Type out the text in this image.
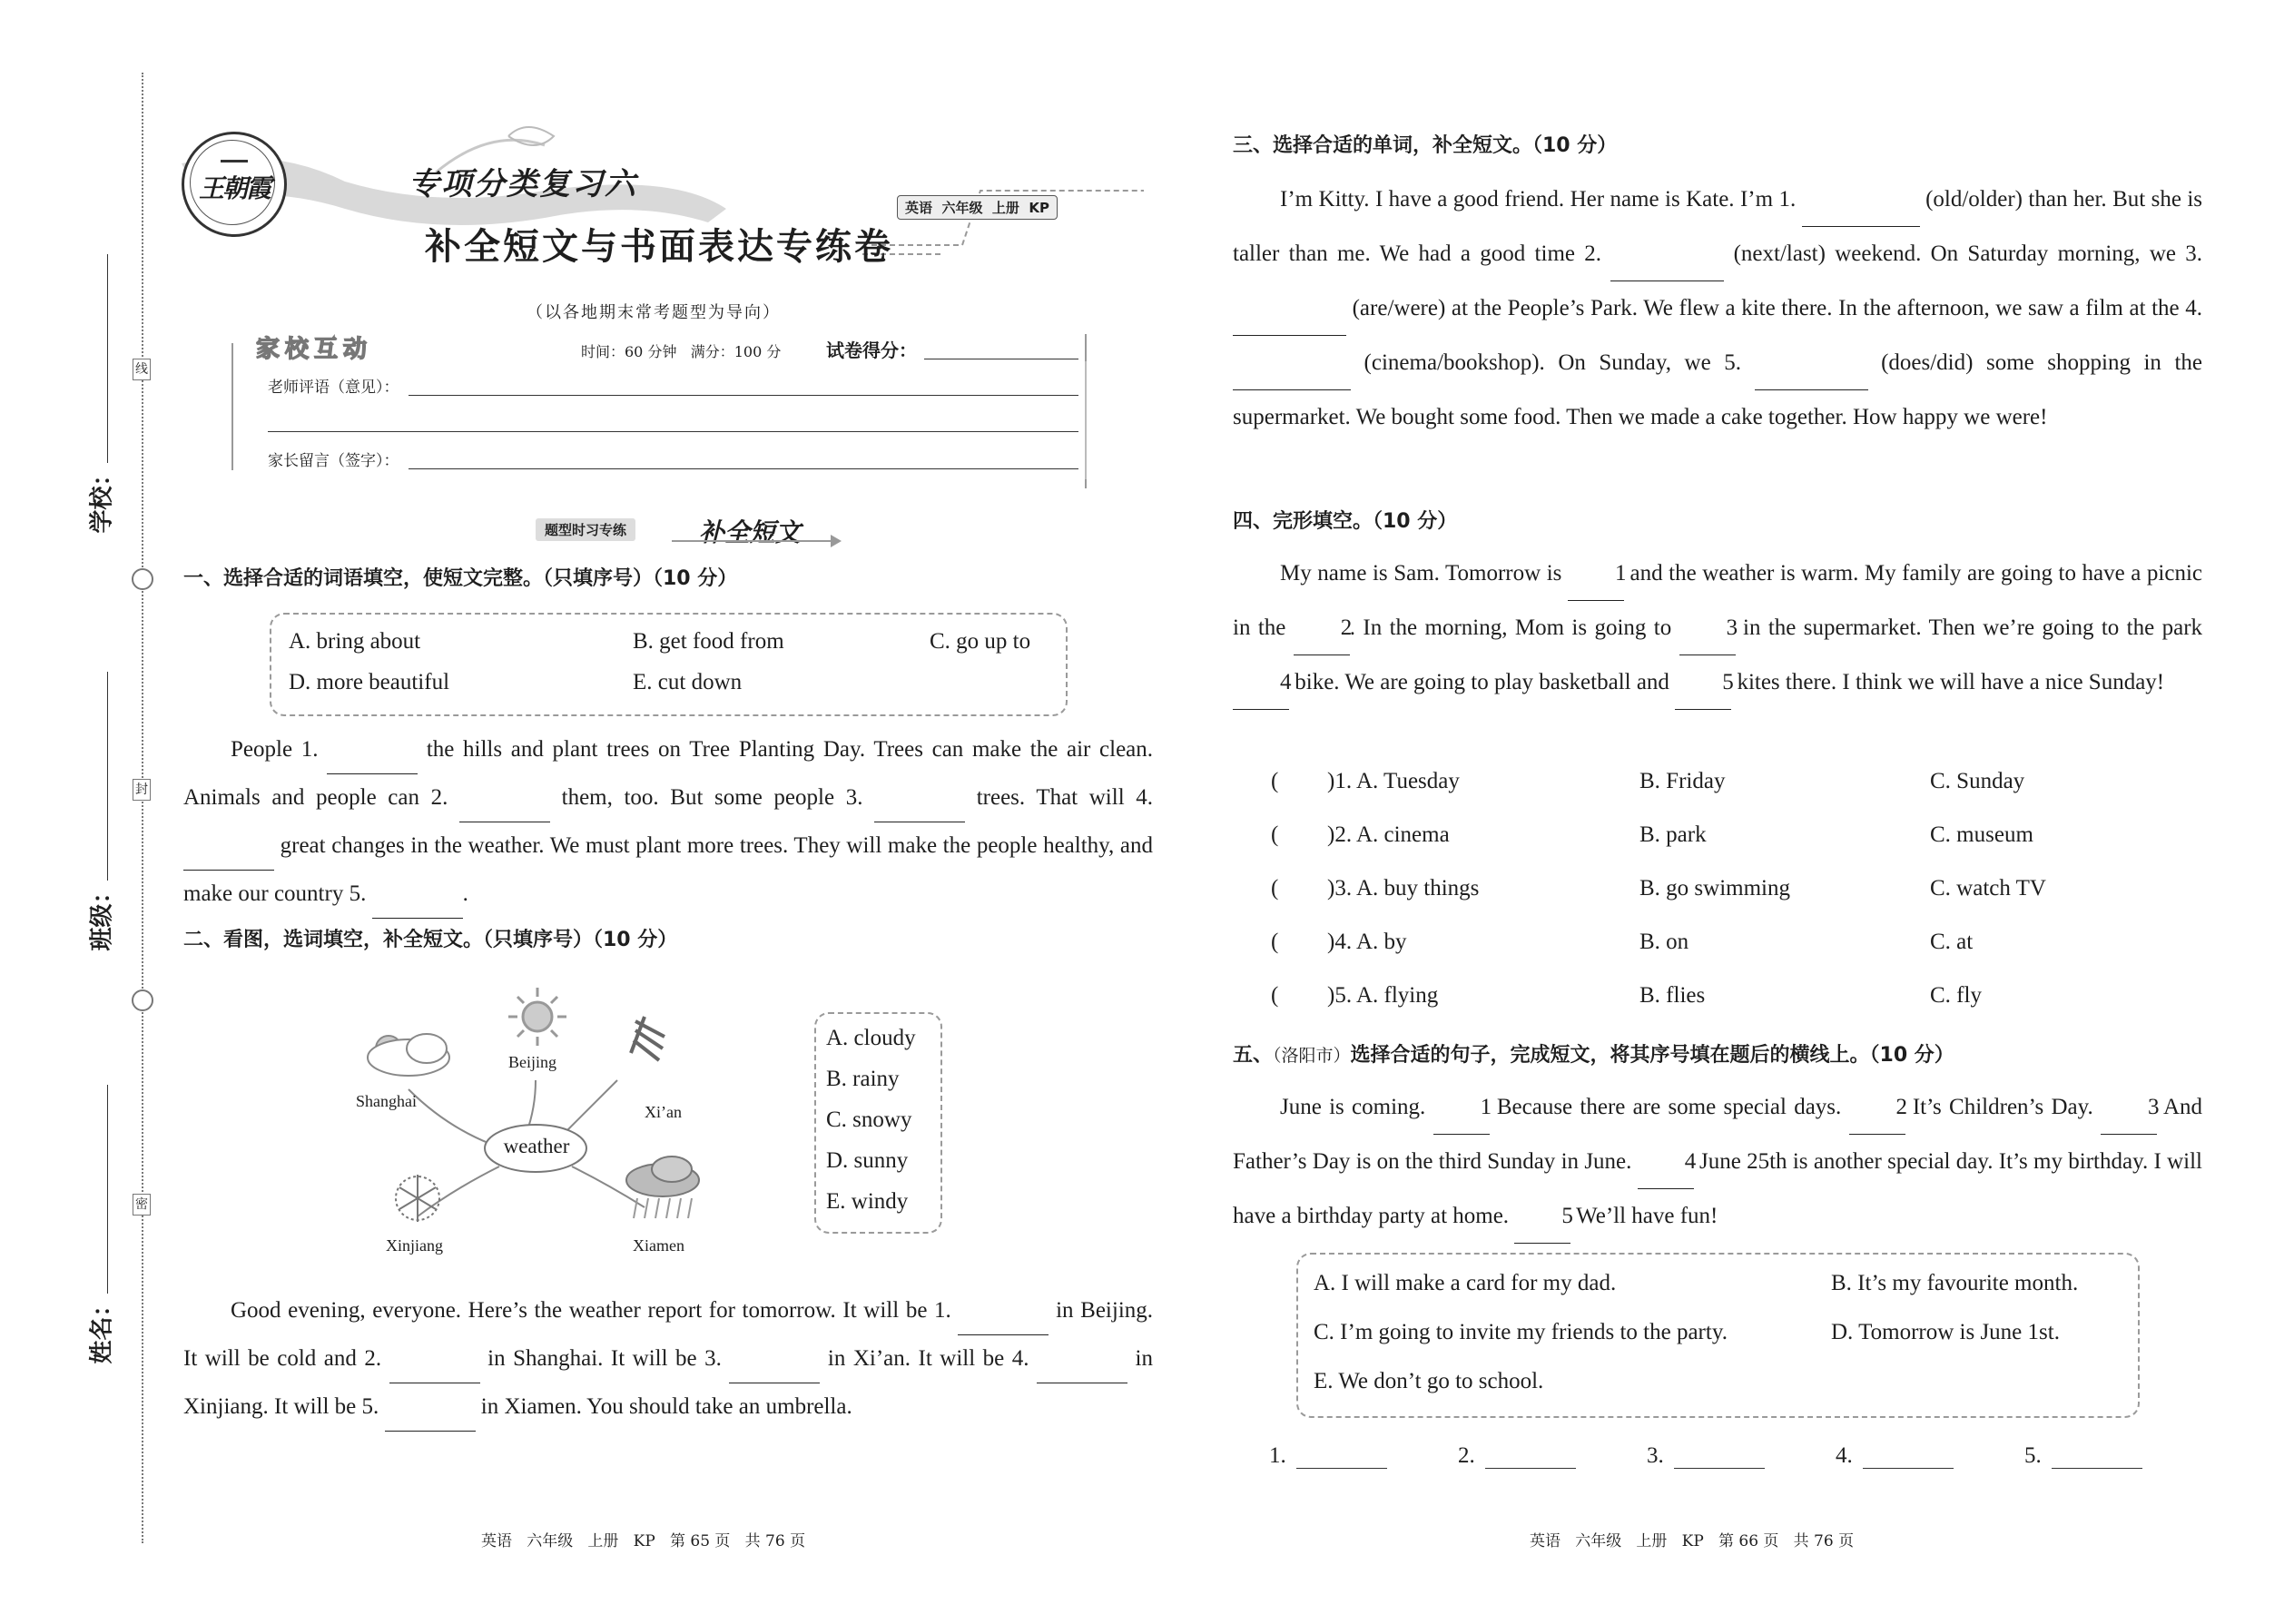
线
封
密
学校：
班级：
姓名：
王朝霞	专项分类复习六
英语  六年级  上册  KP
补全短文与书面表达专练卷
（以各地期末常考题型为导向）
家校互动	时间：60 分钟   满分：100 分 试卷得分：
老师评语（意见）：
家长留言（签字）：
题型时习专练	补全短文
一、选择合适的词语填空，使短文完整。（只填序号）（10 分）
A. bring about	B. get food from	C. go up to
D. more beautiful	E. cut down
People 1.	the hills and plant trees on Tree Planting Day. Trees can make the air clean. Animals and people can 2.	them, too. But some people 3.	trees. That will 4.   great changes in the weather. We must plant more trees. They will make the people healthy, and make our country 5.	.
二、看图，选词填空，补全短文。（只填序号）（10 分）
weather
Beijing
Shanghai
Xi’an
Xinjiang	Xiamen
A. cloudy
B. rainy
C. snowy
D. sunny
E. windy
Good evening, everyone. Here’s the weather report for tomorrow. It will be 1.	in Beijing. It will be cold and 2.	in Shanghai. It will be 3.	in Xi’an. It will be 4.	in Xinjiang. It will be 5.	in Xiamen. You should take an umbrella.
英语   六年级   上册   KP   第 65 页   共 76 页
三、选择合适的单词，补全短文。（10 分）
I’m Kitty. I have a good friend. Her name is Kate. I’m 1.	(old/older) than her. But she is taller than me. We had a good time 2.	(next/last) weekend. On Saturday morning, we 3.   (are/were) at the People’s Park. We flew a kite there. In the afternoon, we saw a film at the 4.   (cinema/bookshop). On Sunday, we 5.	(does/did) some shopping in the supermarket. We bought some food. Then we made a cake together. How happy we were!
四、完形填空。（10 分）
My name is Sam. Tomorrow is 1 and the weather is warm. My family are going to have a picnic in the 2. In the morning, Mom is going to 3 in the supermarket. Then we’re going to the park 4 bike. We are going to play basketball and 5 kites there. I think we will have a nice Sunday!
( )1. A. Tuesday	B. Friday	C. Sunday
( )2. A. cinema	B. park	C. museum
( )3. A. buy things	B. go swimming	C. watch TV
( )4. A. by	B. on	C. at
( )5. A. flying	B. flies	C. fly
五、（洛阳市）选择合适的句子，完成短文，将其序号填在题后的横线上。（10 分）
June is coming. 1 Because there are some special days. 2 It’s Children’s Day. 3 And Father’s Day is on the third Sunday in June. 4 June 25th is another special day. It’s my birthday. I will have a birthday party at home. 5 We’ll have fun!
A. I will make a card for my dad.	B. It’s my favourite month.
C. I’m going to invite my friends to the party.	D. Tomorrow is June 1st.
E. We don’t go to school.
1.	2.	3.	4.	5.
英语   六年级   上册   KP   第 66 页   共 76 页
